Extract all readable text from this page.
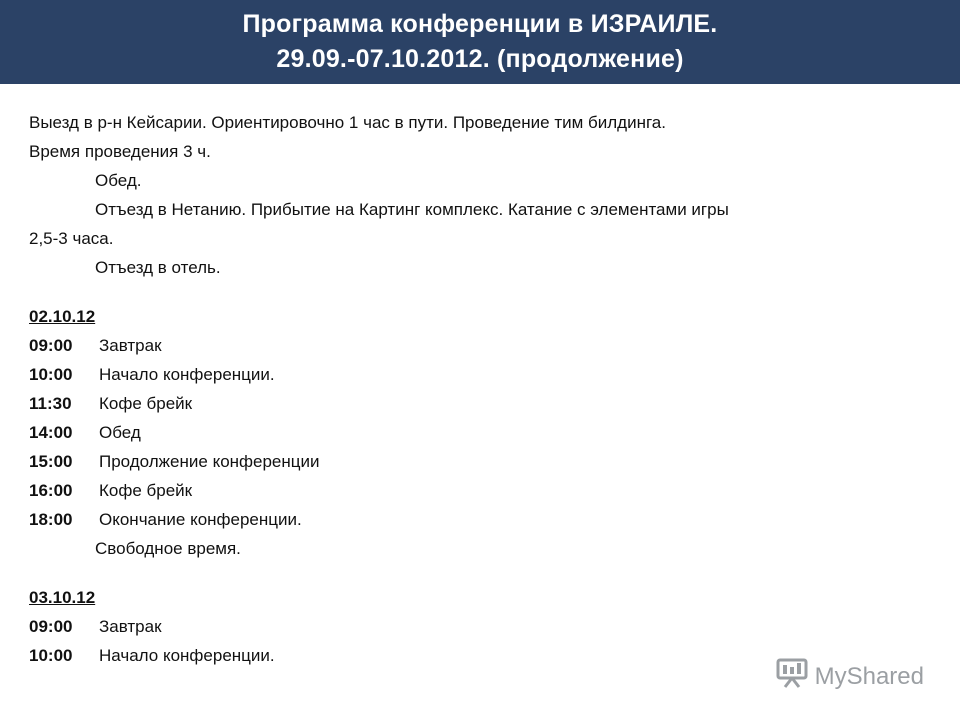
Программа конференции в ИЗРАИЛЕ.
29.09.-07.10.2012. (продолжение)
Выезд в р-н Кейсарии. Ориентировочно 1 час в пути. Проведение тим билдинга.
Время проведения 3 ч.
Обед.
Отъезд в Нетанию. Прибытие на Картинг комплекс. Катание с элементами игры
2,5-3 часа.
Отъезд в отель.
02.10.12
09:00 Завтрак
10:00 Начало конференции.
11:30 Кофе брейк
14:00 Обед
15:00 Продолжение конференции
16:00 Кофе брейк
18:00 Окончание конференции.
Свободное время.
03.10.12
09:00 Завтрак
10:00 Начало конференции.
MyShared
